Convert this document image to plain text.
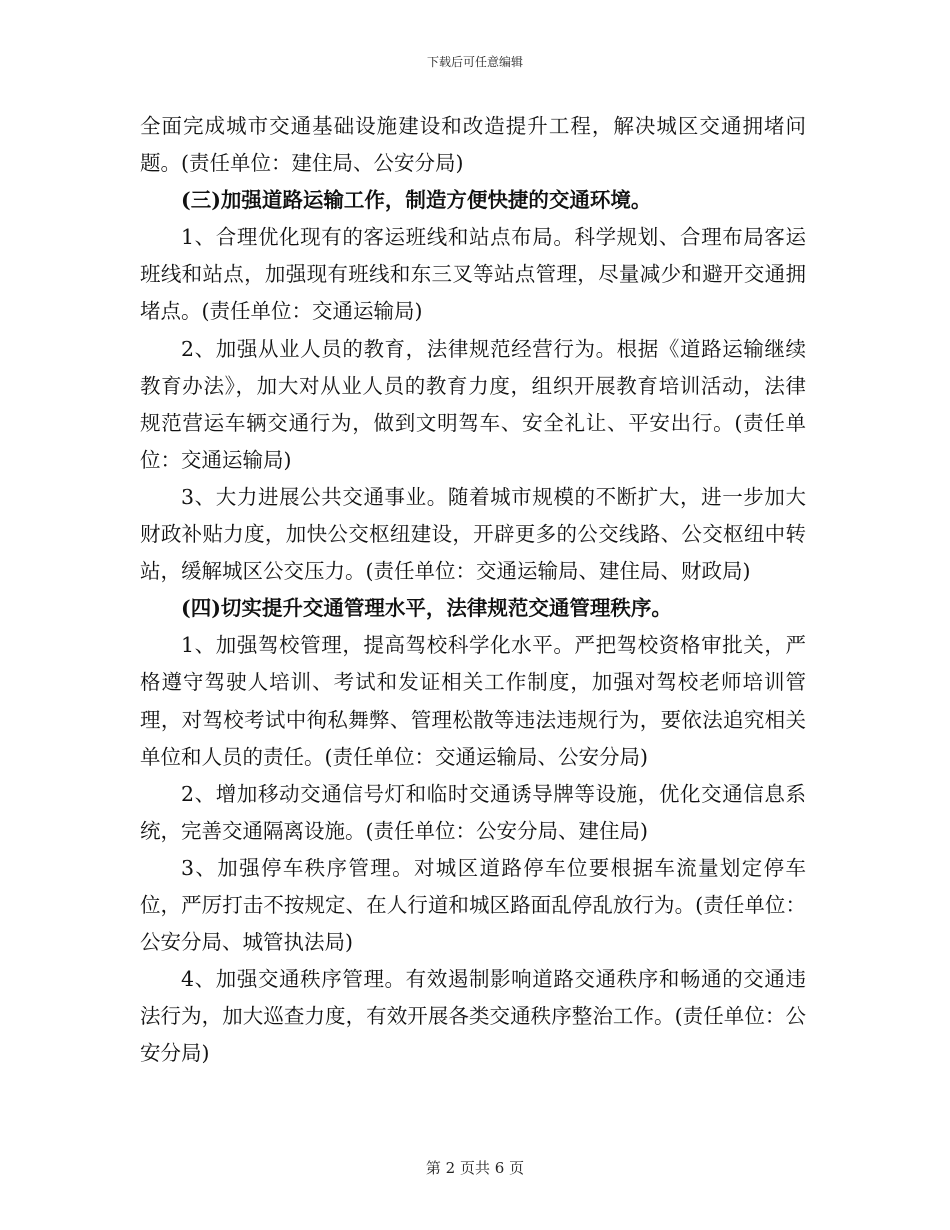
下载后可任意编辑

全面完成城市交通基础设施建设和改造提升工程，解决城区交通拥堵问题。(责任单位：建住局、公安分局)

(三)加强道路运输工作，制造方便快捷的交通环境。

1、合理优化现有的客运班线和站点布局。科学规划、合理布局客运班线和站点，加强现有班线和东三叉等站点管理，尽量减少和避开交通拥堵点。(责任单位：交通运输局)

2、加强从业人员的教育，法律规范经营行为。根据《道路运输继续教育办法》，加大对从业人员的教育力度，组织开展教育培训活动，法律规范营运车辆交通行为，做到文明驾车、安全礼让、平安出行。(责任单位：交通运输局)

3、大力进展公共交通事业。随着城市规模的不断扩大，进一步加大财政补贴力度，加快公交枢纽建设，开辟更多的公交线路、公交枢纽中转站，缓解城区公交压力。(责任单位：交通运输局、建住局、财政局)

(四)切实提升交通管理水平，法律规范交通管理秩序。

1、加强驾校管理，提高驾校科学化水平。严把驾校资格审批关，严格遵守驾驶人培训、考试和发证相关工作制度，加强对驾校老师培训管理，对驾校考试中徇私舞弊、管理松散等违法违规行为，要依法追究相关单位和人员的责任。(责任单位：交通运输局、公安分局)

2、增加移动交通信号灯和临时交通诱导牌等设施，优化交通信息系统，完善交通隔离设施。(责任单位：公安分局、建住局)

3、加强停车秩序管理。对城区道路停车位要根据车流量划定停车位，严厉打击不按规定、在人行道和城区路面乱停乱放行为。(责任单位：公安分局、城管执法局)

4、加强交通秩序管理。有效遏制影响道路交通秩序和畅通的交通违法行为，加大巡查力度，有效开展各类交通秩序整治工作。(责任单位：公安分局)

第 2 页共 6 页
